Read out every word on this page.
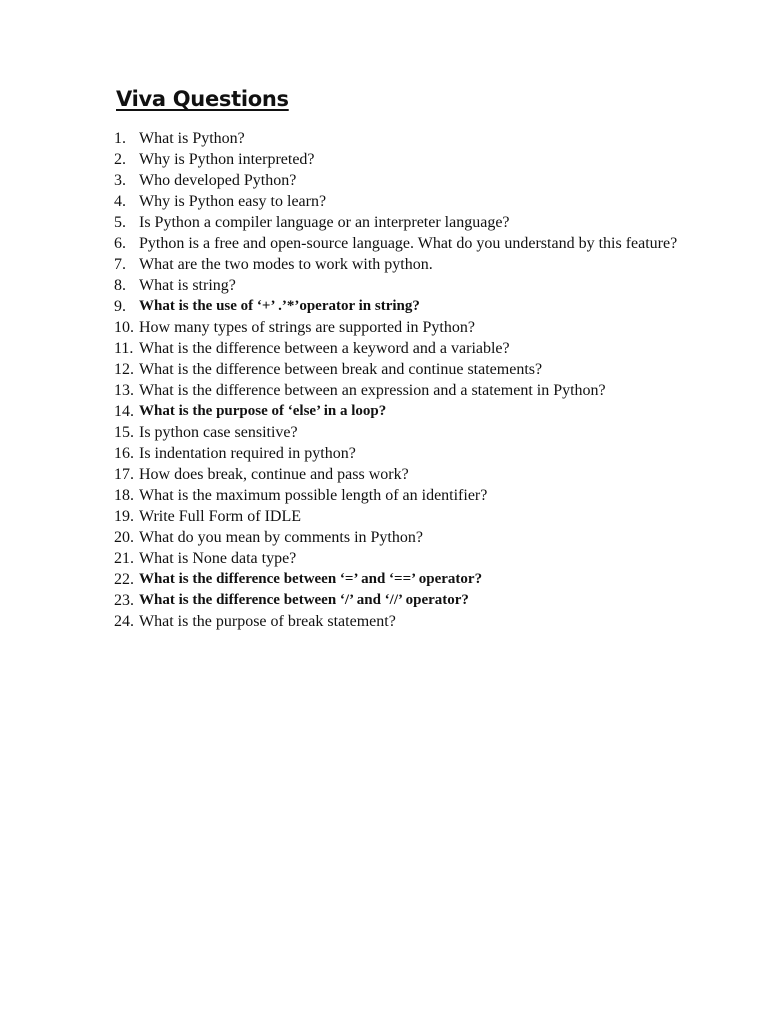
Viva Questions
1. What is Python?
2. Why is Python interpreted?
3. Who developed Python?
4. Why is Python easy to learn?
5. Is Python a compiler language or an interpreter language?
6. Python is a free and open-source language. What do you understand by this feature?
7. What are the two modes to work with python.
8. What is string?
9. What is the use of ‘+’ .’*’operator in string?
10. How many types of strings are supported in Python?
11. What is the difference between a keyword and a variable?
12. What is the difference between break and continue statements?
13. What is the difference between an expression and a statement in Python?
14. What is the purpose of ‘else’ in a loop?
15. Is python case sensitive?
16. Is indentation required in python?
17. How does break, continue and pass work?
18. What is the maximum possible length of an identifier?
19. Write Full Form of IDLE
20. What do you mean by comments in Python?
21. What is None data type?
22. What is the difference between ‘=’ and ‘==’ operator?
23. What is the difference between ‘/’ and ‘//’ operator?
24. What is the purpose of break statement?
